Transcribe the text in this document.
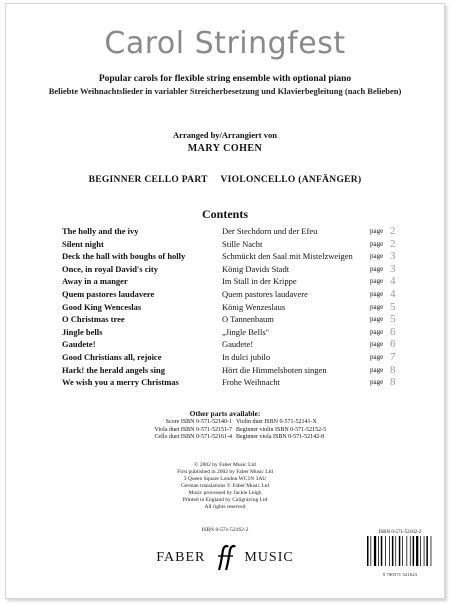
Carol Stringfest
Popular carols for flexible string ensemble with optional piano
Beliebte Weihnachtslieder in variabler Streicherbesetzung und Klavierbegleitung (nach Belieben)
Arranged by/Arrangiert von
MARY COHEN
BEGINNER CELLO PART VIOLONCELLO (ANFÄNGER)
Contents
The holly and the ivy	Der Stechdorn und der Efeu	page 2
Silent night	Stille Nacht	page 2
Deck the hall with boughs of holly	Schmückt den Saal mit Mistelzweigen page 3
Once, in royal David's city	König Davids Stadt	page 3
Away in a manger	Im Stall in der Krippe	page 4
Quem pastores laudavere	Quem pastores laudavere	page 4
Good King Wenceslas	König Wenzeslaus	page 5
O Christmas tree	O Tannenbaum	page 5
Jingle bells	„Jingle Bells"	page 6
Gaudete!	Gaudete!	page 6
Good Christians all, rejoice	In dulci jubilo	page 7
Hark! the herald angels sing	Hört die Himmelsboten singen	page 8
We wish you a merry Christmas	Frohe Weihnacht	page 8
Other parts available:
Score ISBN 0-571-52140-1 Violin duet ISBN 0-571-52141-X
Viola duet ISBN 0-571-52151-7 Beginner violin ISBN 0-571-52152-5
Cello duet ISBN 0-571-52161-4 Beginner viola ISBN 0-571-52142-8
© 2002 by Faber Music Ltd
First published in 2002 by Faber Music Ltd
3 Queen Square London WC1N 3AU
German translations © Faber Music Ltd
Music processed by Jackie Leigh
Printed in England by Caligraving Ltd
All rights reserved
ISBN 0-571-52162-2
FABER	MUSIC
ISBN 0-571-52162-2
9 780571 521623
